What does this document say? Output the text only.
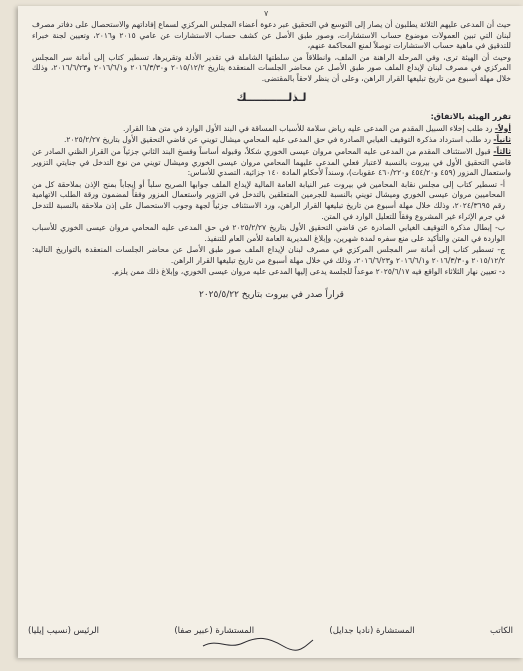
٧

حيث أن المدعى عليهم الثلاثة يطلبون أن يصار إلى التوسع في التحقيق عبر دعوة أعضاء المجلس المركزي لسماع إفاداتهم والاستحصال على دفاتر مصرف لبنان التي تبين العمولات موضوع حساب الاستشارات، وصور طبق الأصل عن كشف حساب الاستشارات عن عامي ٢٠١٥ و٢٠١٦، وتعيين لجنة خبراء للتدقيق في ماهية حساب الاستشارات توصلاً لمنع المحاكمة عنهم،

وحيث أن الهيئة ترى، وفي المرحلة الراهنة من الملف، وانطلاقاً من سلطتها الشاملة في تقدير الأدلة وتقريرها، تسطير كتاب إلى أمانة سر المجلس المركزي في مصرف لبنان لإيداع الملف صور طبق الأصل عن محاضر الجلسات المنعقدة بتاريخ ٢٠١٥/١٢/٢ و٢٠١٦/٣/٣٠ و٢٠١٦/٦/١ و٢٠١٦/٦/٢٣، وذلك خلال مهلة أسبوع من تاريخ تبليغها القرار الراهن، وعلى أن ينظر لاحقاً بالمقتضى.

لـذلـــــــــــك
تقرر الهيئة بالاتفاق:

أولاً- رد طلب إخلاء السبيل المقدم من المدعى عليه رياض سلامة للأسباب المساقة في البند الأول الوارد في متن هذا القرار.

ثانياً- رد طلب استرداد مذكرة التوقيف الغيابي الصادرة في حق المدعى عليه المحامي ميشال تويني عن قاضي التحقيق الأول بتاريخ ٢٠٢٥/٢/٢٧.

ثالثاً- قبول الاستئناف المقدم من المدعى عليه المحامي مروان عيسى الخوري شكلاً، وقبوله أساساً وفسخ البند الثاني جزئياً من القرار الظني الصادر عن قاضي التحقيق الأول في بيروت بالنسبة لاعتبار فعلي المدعى عليهما المحامي مروان عيسى الخوري وميشال تويني من نوع التدخل في جنايتي التزوير واستعمال المزور (٤٥٩ و٤٥٤/٢٠ و٤٦٠/٢٢٠ عقوبات)، وسنداً لأحكام المادة ١٤٠ جزائية، التصدي للأساس:

أ- تسطير كتاب إلى مجلس نقابة المحامين في بيروت عبر النيابة العامة المالية لإيداع الملف جوابها الصريح سلباً أو إيجاباً بمنح الإذن بملاحقة كل من المحاميين مروان عيسى الخوري وميشال تويني بالنسبة للجرمين المتعلقين بالتدخل في التزوير واستعمال المزور وفقاً لمضمون ورقة الطلب الاتهامية رقم ٢٠٢٤/٣٦٩٥، وذلك خلال مهلة أسبوع من تاريخ تبليغها القرار الراهن، ورد الاستئناف جزئياً لجهة وجوب الاستحصال على إذن ملاحقة بالنسبة للتدخل في جرم الإثراء غير المشروع وفقاً للتعليل الوارد في المتن.

ب- إبطال مذكرة التوقيف الغيابي الصادرة عن قاضي التحقيق الأول بتاريخ ٢٠٢٥/٢/٢٧ في حق المدعى عليه المحامي مروان عيسى الخوري للأسباب الواردة في المتن والتأكيد على منع سفره لمدة شهرين، وإبلاغ المديرية العامة للأمن العام للتنفيذ.

ج- تسطير كتاب إلى أمانة سر المجلس المركزي في مصرف لبنان لإيداع الملف صور طبق الأصل عن محاضر الجلسات المنعقدة بالتواريخ التالية: ٢٠١٥/١٢/٢ و٢٠١٦/٣/٣٠ و٢٠١٦/٦/١ و٢٠١٦/٦/٢٣، وذلك في خلال مهلة أسبوع من تاريخ تبليغها القرار الراهن.

د- تعيين نهار الثلاثاء الواقع فيه ٢٠٢٥/٦/١٧ موعداً للجلسة يدعى إليها المدعى عليه مروان عيسى الخوري، وإبلاغ ذلك ممن يلزم.

قراراً صدر في بيروت بتاريخ ٢٠٢٥/٥/٢٢
الكاتب
المستشارة (ناديا جدايل)
المستشارة (عبير صفا)
الرئيس (نسيب إيليا)
